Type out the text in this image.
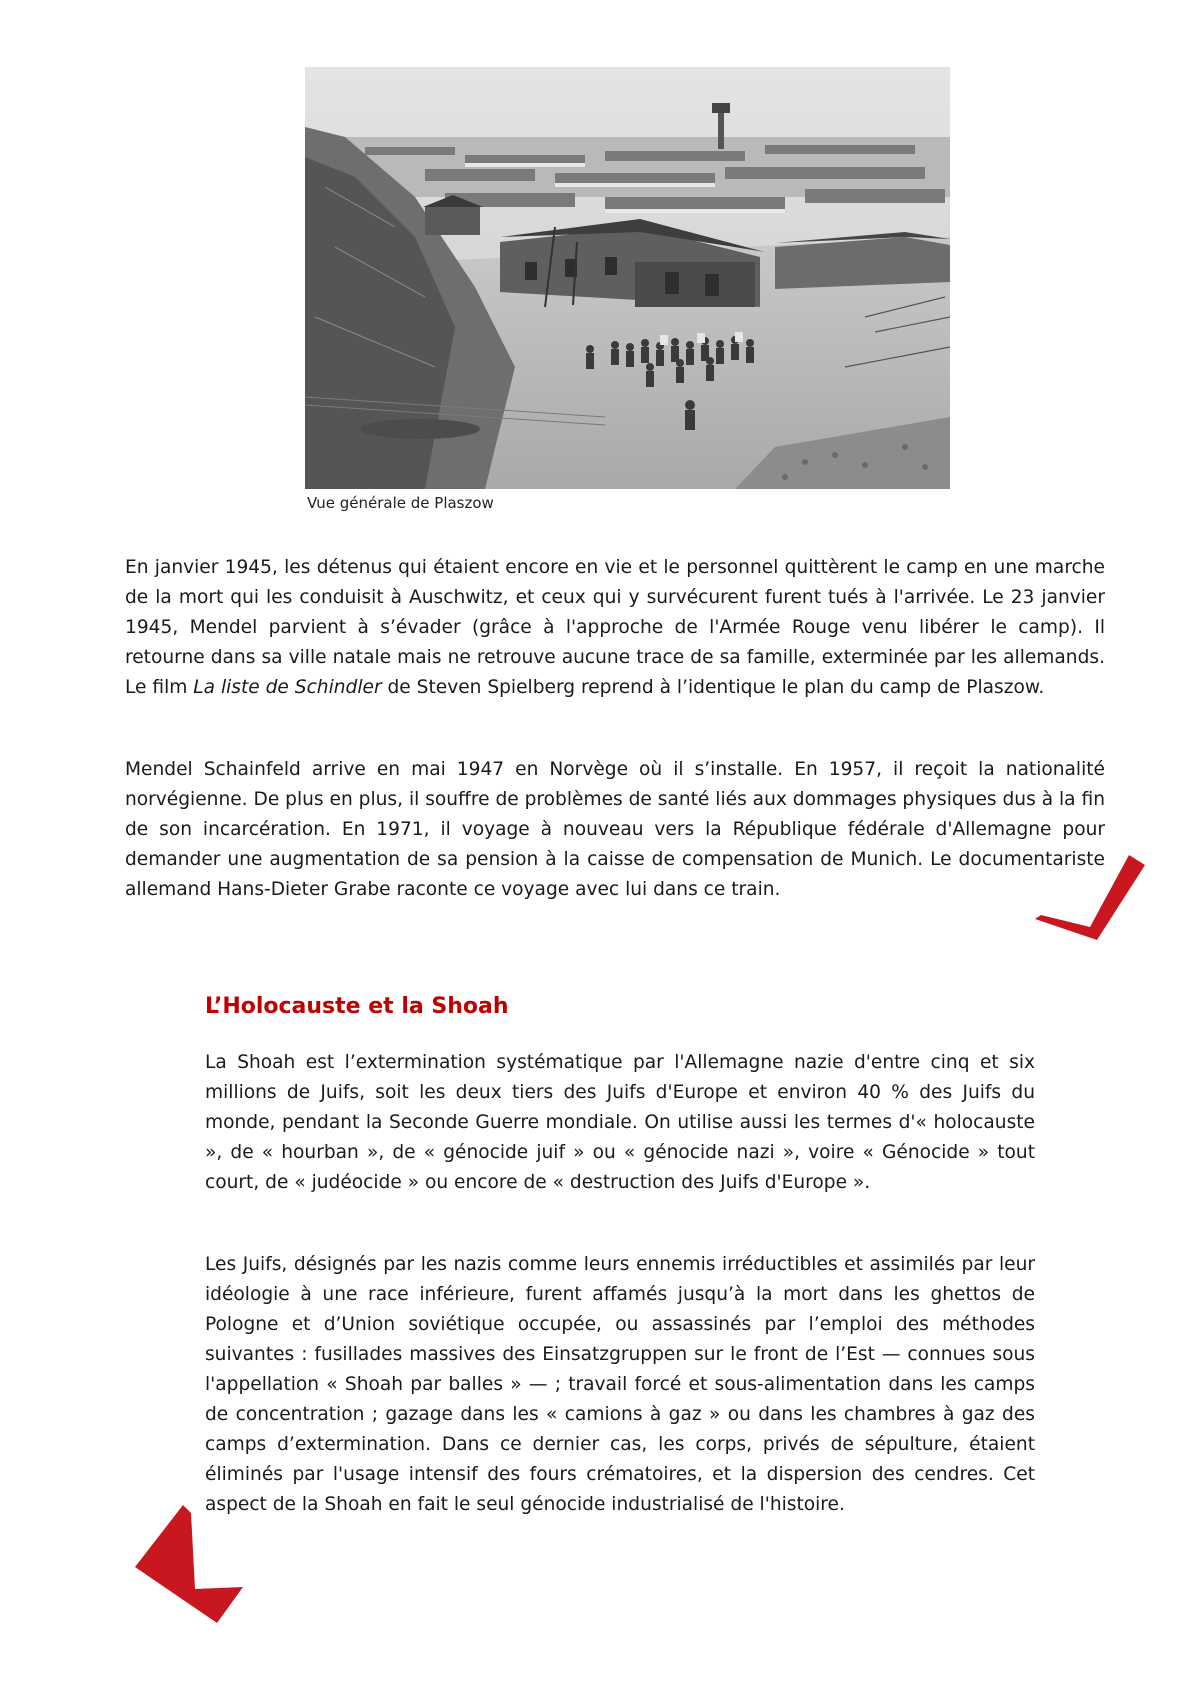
Vue générale de Plaszow

En janvier 1945, les détenus qui étaient encore en vie et le personnel quittèrent le camp en une marche de la mort qui les conduisit à Auschwitz, et ceux qui y survécurent furent tués à l'arrivée. Le 23 janvier 1945, Mendel parvient à s’évader (grâce à l'approche de l'Armée Rouge venu libérer le camp). Il retourne dans sa ville natale mais ne retrouve aucune trace de sa famille, exterminée par les allemands. Le film La liste de Schindler de Steven Spielberg reprend à l’identique le plan du camp de Plaszow.

Mendel Schainfeld arrive en mai 1947 en Norvège où il s’installe. En 1957, il reçoit la nationalité norvégienne. De plus en plus, il souffre de problèmes de santé liés aux dommages physiques dus à la fin de son incarcération. En 1971, il voyage à nouveau vers la République fédérale d'Allemagne pour demander une augmentation de sa pension à la caisse de compensation de Munich. Le documentariste allemand Hans-Dieter Grabe raconte ce voyage avec lui dans ce train.

L’Holocauste et la Shoah

La Shoah est l’extermination systématique par l'Allemagne nazie d'entre cinq et six millions de Juifs, soit les deux tiers des Juifs d'Europe et environ 40 % des Juifs du monde, pendant la Seconde Guerre mondiale. On utilise aussi les termes d'« holocauste », de « hourban », de « génocide juif » ou « génocide nazi », voire « Génocide » tout court, de « judéocide » ou encore de « destruction des Juifs d'Europe ».

Les Juifs, désignés par les nazis comme leurs ennemis irréductibles et assimilés par leur idéologie à une race inférieure, furent affamés jusqu’à la mort dans les ghettos de Pologne et d’Union soviétique occupée, ou assassinés par l’emploi des méthodes suivantes : fusillades massives des Einsatzgruppen sur le front de l’Est — connues sous l'appellation « Shoah par balles » — ; travail forcé et sous-alimentation dans les camps de concentration ; gazage dans les « camions à gaz » ou dans les chambres à gaz des camps d’extermination. Dans ce dernier cas, les corps, privés de sépulture, étaient éliminés par l'usage intensif des fours crématoires, et la dispersion des cendres. Cet aspect de la Shoah en fait le seul génocide industrialisé de l'histoire.
